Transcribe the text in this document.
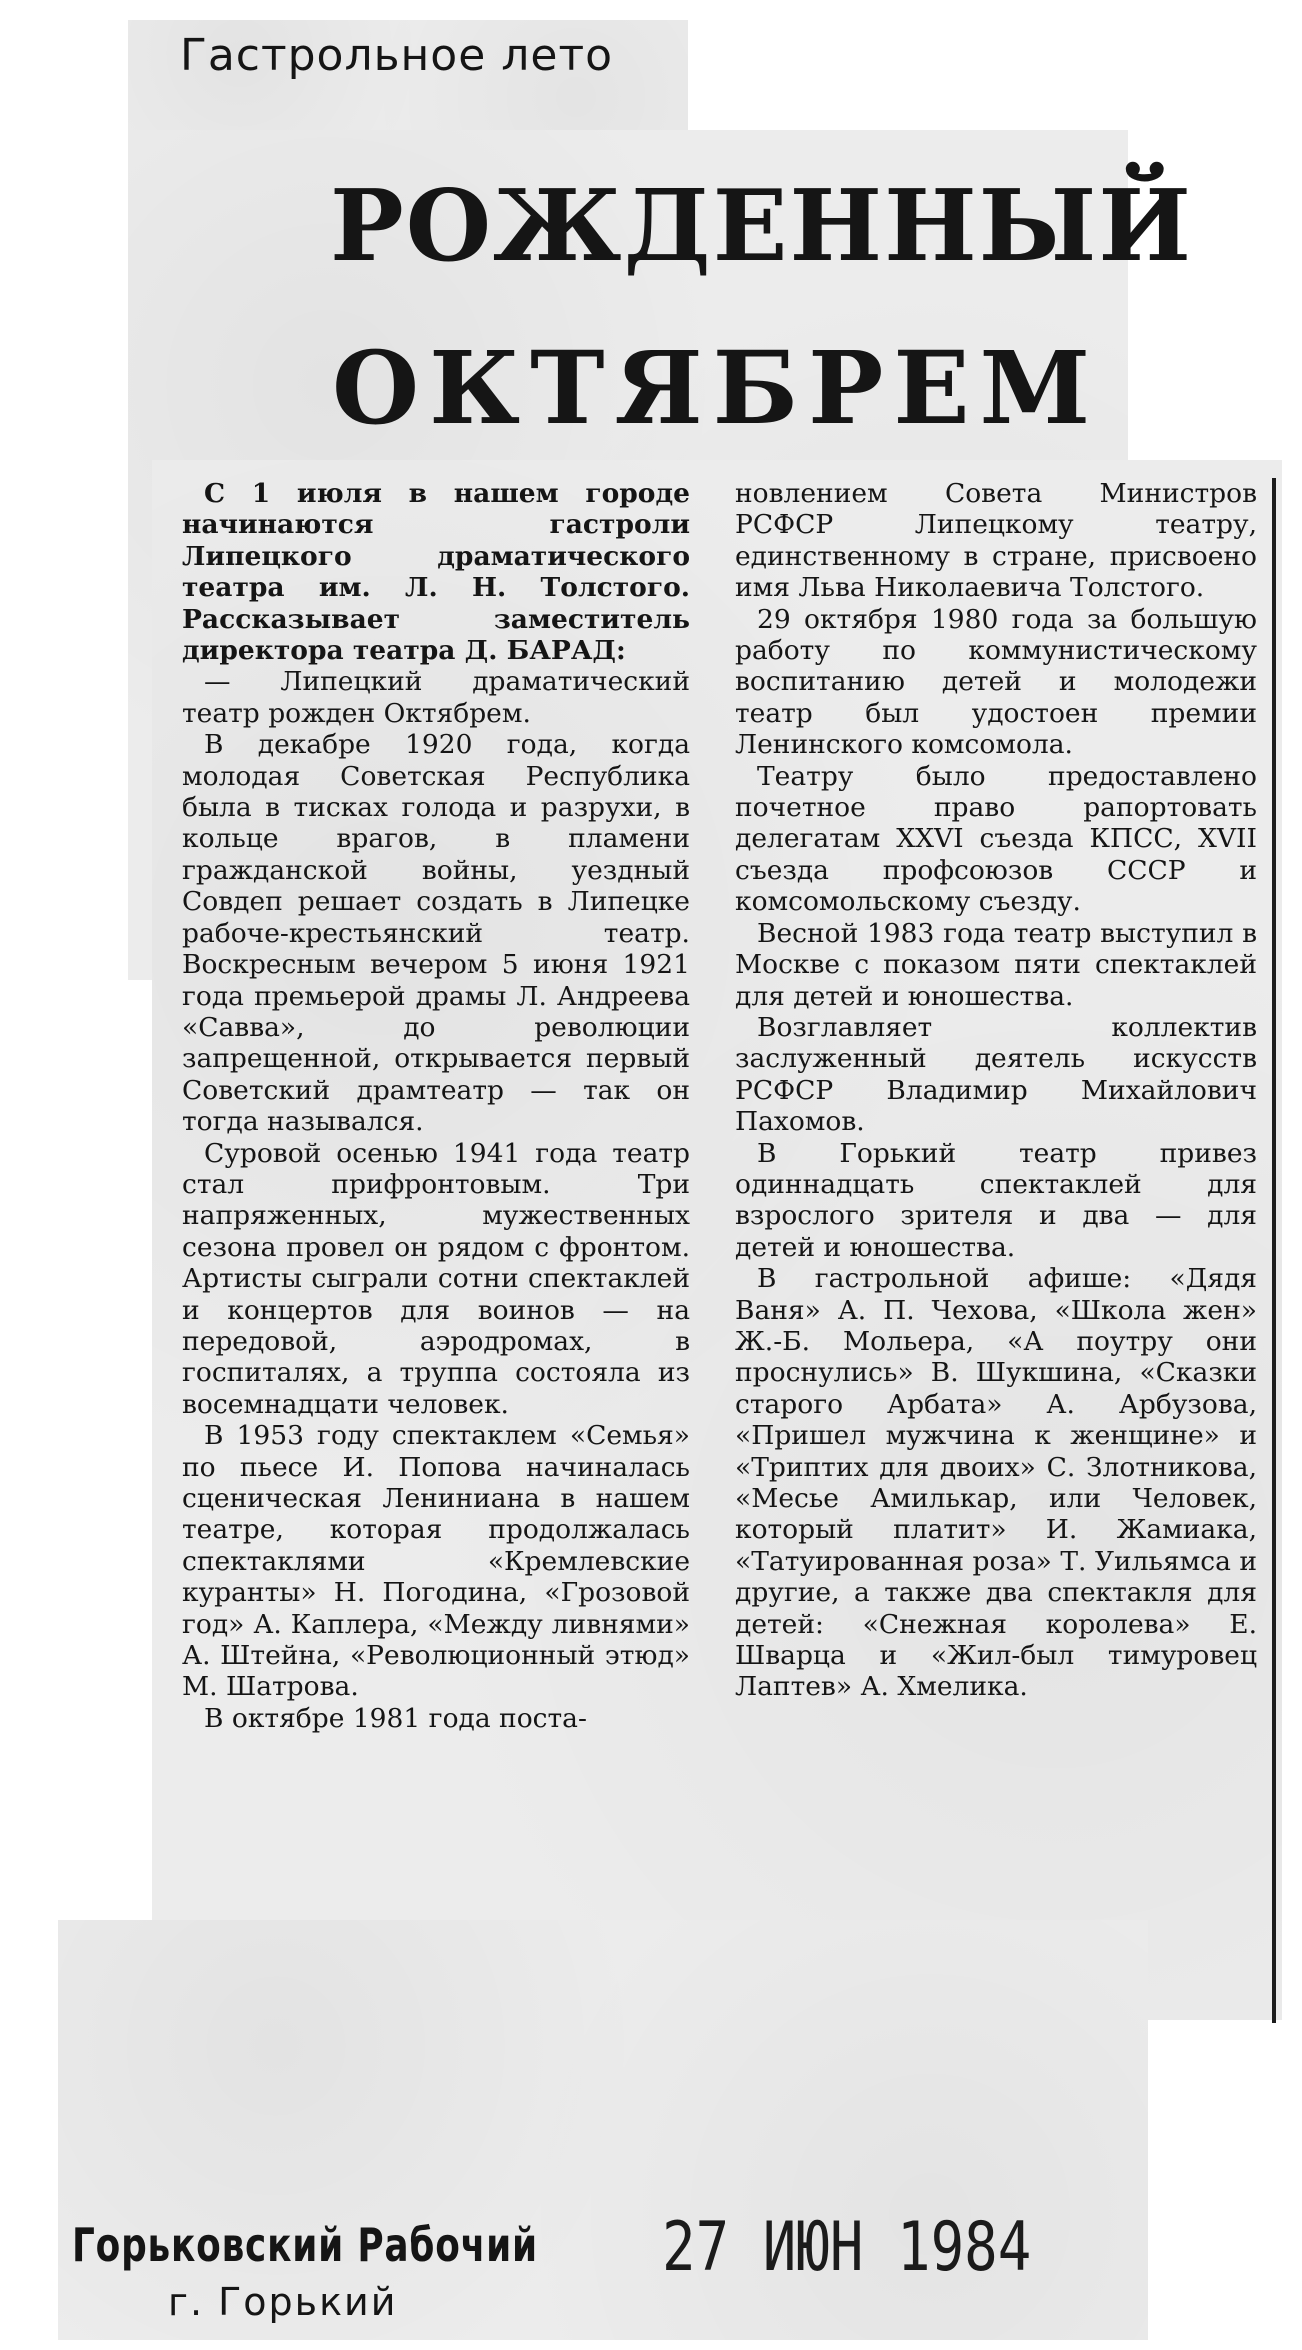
Гастрольное лето
РОЖДЕННЫЙ
ОКТЯБРЕМ

С 1 июля в нашем городе начинаются гастроли Липецкого драматического театра им. Л. Н. Толстого. Рассказывает заместитель директора театра Д. БАРАД:

— Липецкий драматический театр рожден Октябрем.

В декабре 1920 года, когда молодая Советская Республика была в тисках голода и разрухи, в кольце врагов, в пламени гражданской войны, уездный Совдеп решает создать в Липецке рабоче-крестьянский театр. Воскресным вечером 5 июня 1921 года премьерой драмы Л. Андреева «Савва», до революции запрещенной, открывается первый Советский драмтеатр — так он тогда назывался.

Суровой осенью 1941 года театр стал прифронтовым. Три напряженных, мужественных сезона провел он рядом с фронтом. Артисты сыграли сотни спектаклей и концертов для воинов — на передовой, аэродромах, в госпиталях, а труппа состояла из восемнадцати человек.

В 1953 году спектаклем «Семья» по пьесе И. Попова начиналась сценическая Лениниана в нашем театре, которая продолжалась спектаклями «Кремлевские куранты» Н. Погодина, «Грозовой год» А. Каплера, «Между ливнями» А. Штейна, «Революционный этюд» М. Шатрова.

В октябре 1981 года поста-

новлением Совета Министров РСФСР Липецкому театру, единственному в стране, присвоено имя Льва Николаевича Толстого.

29 октября 1980 года за большую работу по коммунистическому воспитанию детей и молодежи театр был удостоен премии Ленинского комсомола.

Театру было предоставлено почетное право рапортовать делегатам XXVI съезда КПСС, XVII съезда профсоюзов СССР и комсомольскому съезду.

Весной 1983 года театр выступил в Москве с показом пяти спектаклей для детей и юношества.

Возглавляет коллектив заслуженный деятель искусств РСФСР Владимир Михайлович Пахомов.

В Горький театр привез одиннадцать спектаклей для взрослого зрителя и два — для детей и юношества.

В гастрольной афише: «Дядя Ваня» А. П. Чехова, «Школа жен» Ж.-Б. Мольера, «А поутру они проснулись» В. Шукшина, «Сказки старого Арбата» А. Арбузова, «Пришел мужчина к женщине» и «Триптих для двоих» С. Злотникова, «Месье Амилькар, или Человек, который платит» И. Жамиака, «Татуированная роза» Т. Уильямса и другие, а также два спектакля для детей: «Снежная королева» Е. Шварца и «Жил-был тимуровец Лаптев» А. Хмелика.

Горьковский Рабочий
г. Горький
27 ИЮН 1984
